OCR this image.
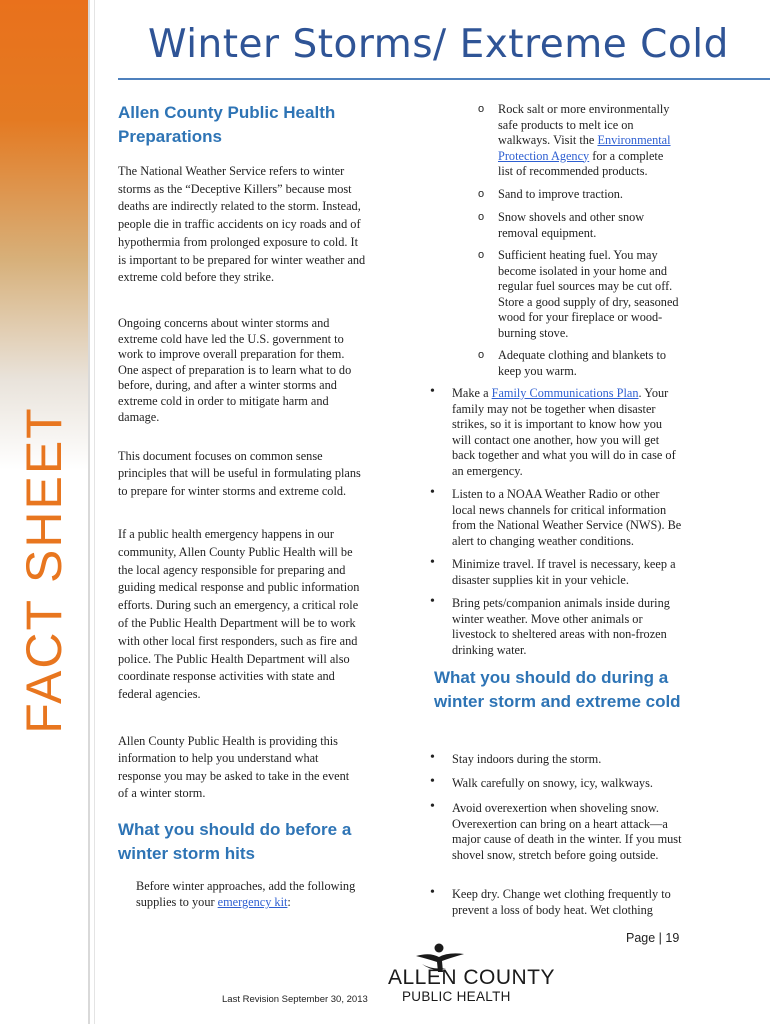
FACT SHEET
Winter Storms/ Extreme Cold

Allen County Public Health Preparations

The National Weather Service refers to winter storms as the “Deceptive Killers” because most deaths are indirectly related to the storm. Instead, people die in traffic accidents on icy roads and of hypothermia from prolonged exposure to cold. It is important to be prepared for winter weather and extreme cold before they strike.

Ongoing concerns about winter storms and extreme cold have led the U.S. government to work to improve overall preparation for them. One aspect of preparation is to learn what to do before, during, and after a winter storms and extreme cold in order to mitigate harm and damage.

This document focuses on common sense principles that will be useful in formulating plans to prepare for winter storms and extreme cold.

If a public health emergency happens in our community, Allen County Public Health will be the local agency responsible for preparing and guiding medical response and public information efforts. During such an emergency, a critical role of the Public Health Department will be to work with other local first responders, such as fire and police. The Public Health Department will also coordinate response activities with state and federal agencies.

Allen County Public Health is providing this information to help you understand what response you may be asked to take in the event of a winter storm.

What you should do before a winter storm hits

Before winter approaches, add the following supplies to your emergency kit:

o Rock salt or more environmentally safe products to melt ice on walkways. Visit the Environmental Protection Agency for a complete list of recommended products.
o Sand to improve traction.
o Snow shovels and other snow removal equipment.
o Sufficient heating fuel. You may become isolated in your home and regular fuel sources may be cut off. Store a good supply of dry, seasoned wood for your fireplace or wood-burning stove.
o Adequate clothing and blankets to keep you warm.
• Make a Family Communications Plan. Your family may not be together when disaster strikes, so it is important to know how you will contact one another, how you will get back together and what you will do in case of an emergency.
• Listen to a NOAA Weather Radio or other local news channels for critical information from the National Weather Service (NWS). Be alert to changing weather conditions.
• Minimize travel. If travel is necessary, keep a disaster supplies kit in your vehicle.
• Bring pets/companion animals inside during winter weather. Move other animals or livestock to sheltered areas with non-frozen drinking water.

What you should do during a winter storm and extreme cold

• Stay indoors during the storm.
• Walk carefully on snowy, icy, walkways.
• Avoid overexertion when shoveling snow. Overexertion can bring on a heart attack—a major cause of death in the winter. If you must shovel snow, stretch before going outside.
• Keep dry. Change wet clothing frequently to prevent a loss of body heat. Wet clothing
Page | 19
Last Revision September 30, 2013
ALLEN COUNTY
PUBLIC HEALTH
